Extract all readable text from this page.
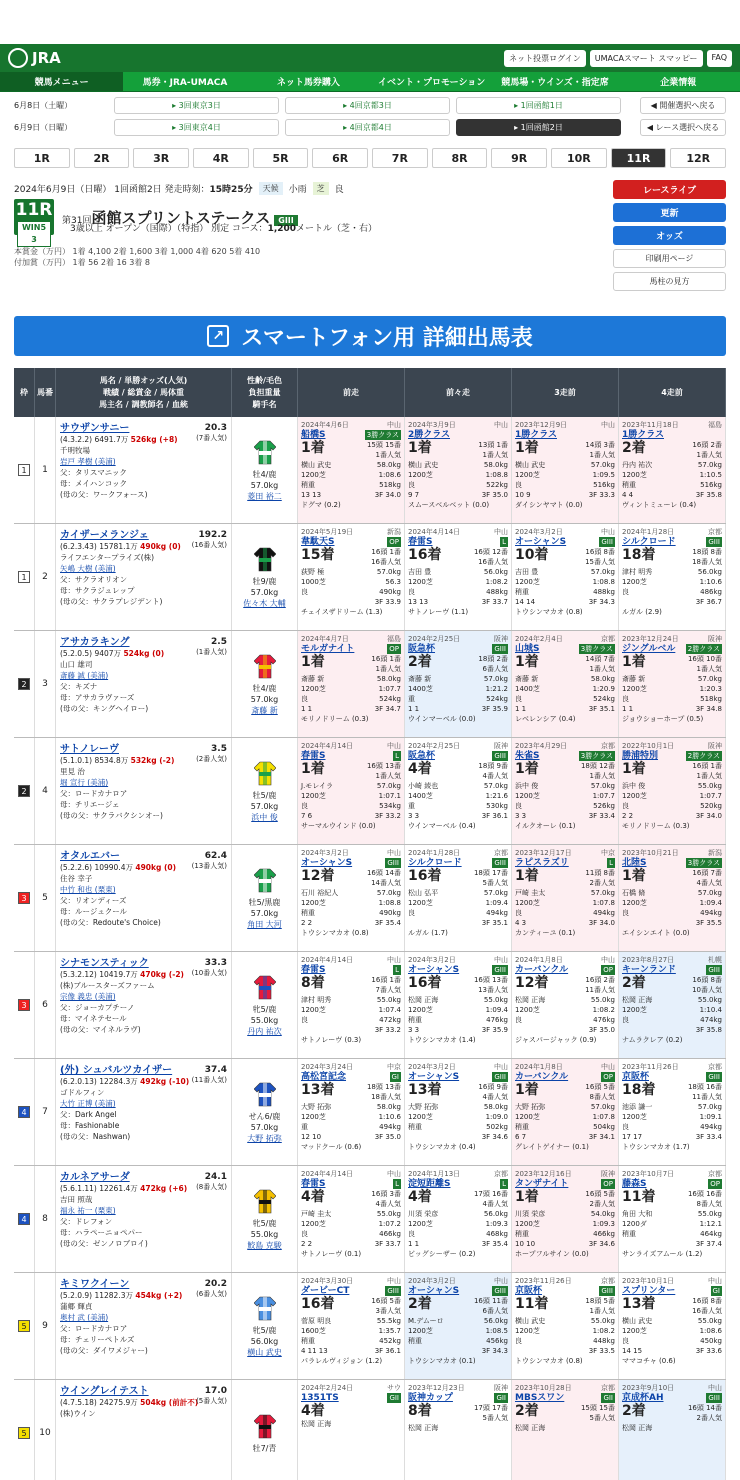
JRA	ネット投票ログイン	UMACAスマート スマッピー	FAQ
競馬メニュー	馬券・JRA-UMACA	ネット馬券購入	イベント・プロモーション	競馬場・ウインズ・指定席	企業情報
6月8日（土曜）	▸ 3回東京3日	▸ 4回京都3日	▸ 1回函館1日	◀ 開催選択へ戻る
6月9日（日曜）	▸ 3回東京4日	▸ 4回京都4日	▸ 1回函館2日	◀ レース選択へ戻る
1R	2R	3R	4R	5R	6R	7R	8R	9R	10R	11R	12R
2024年6月9日（日曜） 1回函館2日 発走時刻： 15時25分	天候	小雨	芝	良
11R
WIN5 3
第31回函館スプリントステークス GIII
3歳以上 オープン（国際）（特指） 別定 コース：1,200メートル（芝・右）
本賞金（万円） 1着 4,100 2着 1,600 3着 1,000 4着 620 5着 410
付加賞（万円） 1着 56 2着 16 3着 8
レースライブ
更新
オッズ
印刷用ページ
馬柱の見方
↗ スマートフォン用 詳細出馬表
枠	馬番
馬名 / 単勝オッズ(人気)
戦績 / 総賞金 / 馬体重
馬主名 / 調教師名 / 血統
性齢/毛色
負担重量
騎手名
前走	前々走	3走前	4走前
1	1
サウザンサニー	20.3
(7番人気)
(4.3.2.2) 6491.7万 526kg (+8)
千明牧場
岩戸 孝樹 (美浦)
父：タリスマニック
母：メイハンコック
(母の父：ワークフォース)
牡4/鹿
57.0kg
菱田 裕二
2024年4月6日	中山
船橋S	3勝クラス
1着	15頭 15番
1番人気
横山 武史	58.0kg
1200芝	1:08.6
稍重	518kg
13 13	3F 34.0
ドグマ (0.2)
2024年3月9日	中山
2勝クラス
1着	13頭 1番
1番人気
横山 武史	58.0kg
1200芝	1:08.8
良	522kg
9 7	3F 35.0
スムースベルベット (0.0)
2023年12月9日	中山
1勝クラス
1着	14頭 3番
1番人気
横山 武史	57.0kg
1200芝	1:09.5
良	516kg
10 9	3F 33.3
ダイシンヤマト (0.0)
2023年11月18日	福島
1勝クラス
2着	16頭 2番
1番人気
丹内 祐次	57.0kg
1200芝	1:10.5
稍重	516kg
4 4	3F 35.8
ヴィントミューレ (0.4)
1	2
カイザーメランジェ	192.2
(16番人気)
(6.2.3.43) 15781.1万 490kg (0)
ライフエンタープライズ(株)
矢嶋 大樹 (美浦)
父：サクラオリオン
母：サクラジュレップ
(母の父：サクラプレジデント)
牡9/鹿
57.0kg
佐々木 大輔
2024年5月19日	新潟
韋駄天S	OP
15着	16頭 1番
16番人気
荻野 極	57.0kg
1000芝	56.3
良	490kg
3F 33.9
チェイスザドリーム (1.3)
2024年4月14日	中山
春雷S	L
16着	16頭 12番
16番人気
吉田 豊	56.0kg
1200芝	1:08.2
良	488kg
13 13	3F 33.7
サトノレーヴ (1.1)
2024年3月2日	中山
オーシャンS	GIII
10着	16頭 8番
15番人気
吉田 豊	57.0kg
1200芝	1:08.8
稍重	488kg
14 14	3F 34.3
トウシンマカオ (0.8)
2024年1月28日	京都
シルクロード	GIII
18着	18頭 8番
18番人気
津村 明秀	56.0kg
1200芝	1:10.6
良	486kg
3F 36.7
ルガル (2.9)
2	3
アサカラキング	2.5
(1番人気)
(5.2.0.5) 9407万 524kg (0)
山口 雄司
斎藤 誠 (美浦)
父：キズナ
母：アサカラヴァーズ
(母の父：キングヘイロー)
牡4/鹿
57.0kg
斎藤 新
2024年4月7日	福島
モルガナイト	OP
1着	16頭 1番
1番人気
斎藤 新	58.0kg
1200芝	1:07.7
良	524kg
1 1	3F 34.7
モリノドリーム (0.3)
2024年2月25日	阪神
阪急杯	GIII
2着	18頭 2番
6番人気
斎藤 新	57.0kg
1400芝	1:21.2
重	524kg
1 1	3F 35.9
ウインマーベル (0.0)
2024年2月4日	京都
山城S	3勝クラス
1着	14頭 7番
1番人気
斎藤 新	58.0kg
1400芝	1:20.9
良	524kg
1 1	3F 35.1
レベレンシア (0.4)
2023年12月24日	阪神
ジングルベル	2勝クラス
1着	16頭 10番
1番人気
斎藤 新	57.0kg
1200芝	1:20.3
良	518kg
1 1	3F 34.8
ジョウショーホープ (0.5)
2	4
サトノレーヴ	3.5
(2番人気)
(5.1.0.1) 8534.8万 532kg (-2)
里見 治
堀 宣行 (美浦)
父：ロードカナロア
母：チリエージェ
(母の父：サクラバクシンオー)
牡5/鹿
57.0kg
浜中 俊
2024年4月14日	中山
春雷S	L
1着	16頭 13番
1番人気
J.モレイラ	57.0kg
1200芝	1:07.1
良	534kg
7 6	3F 33.2
サーマルウインド (0.0)
2024年2月25日	阪神
阪急杯	GIII
4着	18頭 9番
4番人気
小崎 綾也	57.0kg
1400芝	1:21.6
重	530kg
3 3	3F 36.1
ウインマーベル (0.4)
2023年4月29日	京都
朱雀S	3勝クラス
1着	18頭 12番
1番人気
浜中 俊	57.0kg
1200芝	1:07.7
良	526kg
3 3	3F 33.4
イルクオーレ (0.1)
2022年10月1日	阪神
勝浦特別	2勝クラス
1着	16頭 1番
1番人気
浜中 俊	55.0kg
1200芝	1:07.7
良	520kg
2 2	3F 34.0
モリノドリーム (0.3)
3	5
オタルエバー	62.4
(13番人気)
(5.2.2.6) 10990.4万 490kg (0)
住谷 幸子
中竹 和也 (栗東)
父：リオンディーズ
母：ルージュクール
(母の父：Redoute's Choice)
牡5/黒鹿
57.0kg
角田 大河
2024年3月2日	中山
オーシャンS	GIII
12着	16頭 14番
14番人気
石川 裕紀人	57.0kg
1200芝	1:08.8
稍重	490kg
2 2	3F 35.4
トウシンマカオ (0.8)
2024年1月28日	京都
シルクロード	GIII
16着	18頭 17番
5番人気
松山 弘平	57.0kg
1200芝	1:09.4
良	494kg
3F 35.1
ルガル (1.7)
2023年12月17日	中京
ラピスラズリ	L
1着	11頭 8番
2番人気
戸崎 圭太	57.0kg
1200芝	1:07.8
良	494kg
4 3	3F 34.0
カンティーユ (0.1)
2023年10月21日	新潟
北陸S	3勝クラス
1着	16頭 7番
4番人気
石橋 脩	57.0kg
1200芝	1:09.4
良	494kg
3F 35.5
エイシンエイト (0.0)
3	6
シナモンスティック	33.3
(10番人気)
(5.3.2.12) 10419.7万 470kg (-2)
(株)ブルースターズファーム
宗像 義忠 (美浦)
父：ジョーカプチーノ
母：マイネテセール
(母の父：マイネルラヴ)
牝5/鹿
55.0kg
丹内 祐次
2024年4月14日	中山
春雷S	L
8着	16頭 1番
7番人気
津村 明秀	55.0kg
1200芝	1:07.4
良	472kg
3F 33.2
サトノレーヴ (0.3)
2024年3月2日	中山
オーシャンS	GIII
16着	16頭 13番
13番人気
松岡 正海	55.0kg
1200芝	1:09.4
稍重	476kg
3 3	3F 35.9
トウシンマカオ (1.4)
2024年1月8日	中山
カーバンクル	OP
12着	16頭 2番
11番人気
松岡 正海	55.0kg
1200芝	1:08.2
良	476kg
3F 35.0
ジャスパージャック (0.9)
2023年8月27日	札幌
キーンランド	GIII
2着	16頭 8番
10番人気
松岡 正海	55.0kg
1200芝	1:10.4
良	474kg
3F 35.8
ナムラクレア (0.2)
4	7
(外) シュバルツカイザー	37.4
(11番人気)
(6.2.0.13) 12284.3万 492kg (-10)
ゴドルフィン
大竹 正博 (美浦)
父：Dark Angel
母：Fashionable
(母の父：Nashwan)
せん6/鹿
57.0kg
大野 拓弥
2024年3月24日	中京
高松宮記念	GI
13着	18頭 13番
18番人気
大野 拓弥	58.0kg
1200芝	1:10.6
重	494kg
12 10	3F 35.0
マッドクール (0.6)
2024年3月2日	中山
オーシャンS	GIII
13着	16頭 9番
4番人気
大野 拓弥	58.0kg
1200芝	1:09.0
稍重	502kg
3F 34.6
トウシンマカオ (0.4)
2024年1月8日	中山
カーバンクル	OP
1着	16頭 5番
8番人気
大野 拓弥	57.0kg
1200芝	1:07.8
稍重	504kg
6 7	3F 34.1
グレイトゲイナー (0.1)
2023年11月26日	京都
京阪杯	GIII
18着	18頭 16番
11番人気
池添 謙一	57.0kg
1200芝	1:09.1
良	494kg
17 17	3F 33.4
トウシンマカオ (1.7)
4	8
カルネアサーダ	24.1
(8番人気)
(5.6.1.11) 12261.4万 472kg (+6)
吉田 照哉
福永 祐一 (栗東)
父：ドレフォン
母：ハラペーニョペパー
(母の父：ゼンノロブロイ)
牝5/鹿
55.0kg
鮫島 克駿
2024年4月14日	中山
春雷S	L
4着	16頭 3番
4番人気
戸崎 圭太	55.0kg
1200芝	1:07.2
良	466kg
2 2	3F 33.7
サトノレーヴ (0.1)
2024年1月13日	京都
淀短距離S	L
4着	17頭 16番
4番人気
川須 栄彦	56.0kg
1200芝	1:09.3
良	468kg
1 1	3F 35.4
ビッグシーザー (0.2)
2023年12月16日	阪神
タンザナイト	OP
1着	16頭 5番
2番人気
川須 栄彦	54.0kg
1200芝	1:09.3
稍重	466kg
10 10	3F 34.6
ホープフルサイン (0.0)
2023年10月7日	京都
藤森S	OP
11着	16頭 16番
8番人気
角田 大和	55.0kg
1200ダ	1:12.1
稍重	464kg
3F 37.4
サンライズアムール (1.2)
5	9
キミワクイーン	20.2
(6番人気)
(5.2.0.9) 11282.3万 454kg (+2)
蒲郷 輝貞
奥村 武 (美浦)
父：ロードカナロア
母：チェリーペトルズ
(母の父：ダイワメジャー)
牝5/鹿
56.0kg
横山 武史
2024年3月30日	中山
ダービーCT	GIII
16着	16頭 5番
3番人気
菅原 明良	55.5kg
1600芝	1:35.7
稍重	452kg
4 11 13	3F 36.1
パラレルヴィジョン (1.2)
2024年3月2日	中山
オーシャンS	GIII
2着	16頭 11番
6番人気
M.デムーロ	56.0kg
1200芝	1:08.5
稍重	456kg
3F 34.3
トウシンマカオ (0.1)
2023年11月26日	京都
京阪杯	GIII
11着	18頭 5番
1番人気
横山 武史	55.0kg
1200芝	1:08.2
良	448kg
3F 33.5
トウシンマカオ (0.8)
2023年10月1日	中山
スプリンター	GI
13着	16頭 8番
16番人気
横山 武史	55.0kg
1200芝	1:08.6
良	450kg
14 15	3F 33.6
ママコチャ (0.6)
5	10
ウイングレイテスト	17.0
(5番人気)
(4.7.5.18) 24275.9万 504kg (前計不)
(株)ウイン
牡7/青
2024年2月24日	サウ
1351TS	GII
4着
松岡 正海
2023年12月23日	阪神
阪神カップ	GII
8着	17頭 17番
5番人気
松岡 正海
2023年10月28日	京都
MBSスワン	GII
2着	15頭 15番
5番人気
松岡 正海
2023年9月10日	中山
京成杯AH	GIII
2着	16頭 14番
2番人気
松岡 正海
